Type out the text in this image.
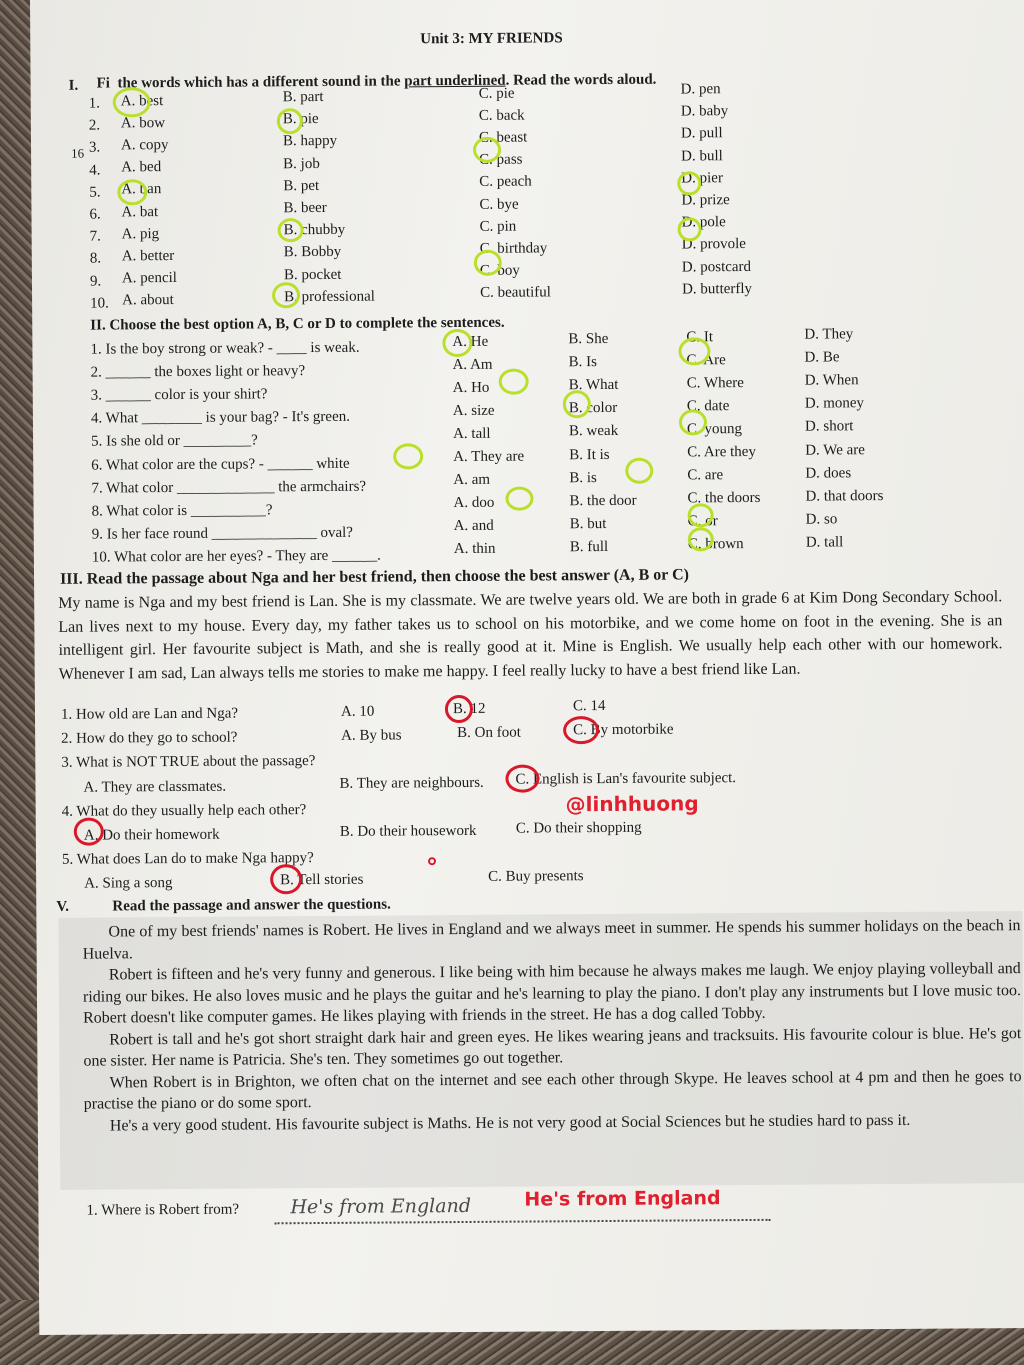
Unit 3: MY FRIENDS
I. Fi the words which has a different sound in the part underlined. Read the words aloud.
16
1. A. best	B. part	C. pie	D. pen
2. A. bow	B. pie	C. back	D. baby
3. A. copy	B. happy	C. beast	D. pull
4. A. bed	B. job	C. pass	D. bull
5. A. ban	B. pet	C. peach	D. pier
6. A. bat	B. beer	C. bye	D. prize
7. A. pig	B. chubby	C. pin	D. pole
8. A. better	B. Bobby	C. birthday	D. provole
9. A. pencil	B. pocket	C. boy	D. postcard
10. A. about	B. professional	C. beautiful	D. butterfly
II. Choose the best option A, B, C or D to complete the sentences.
1. Is the boy strong or weak? - ____ is weak.	A. He	B. She	C. It	D. They
2. ______ the boxes light or heavy?	A. Am	B. Is	C. Are	D. Be
3. ______ color is your shirt?	A. Ho	B. What	C. Where	D. When
4. What ________ is your bag? - It's green.	A. size	B. color	C. date	D. money
5. Is she old or _________?	A. tall	B. weak	C. young	D. short
6. What color are the cups? - ______ white	A. They are	B. It is	C. Are they	D. We are
7. What color _____________ the armchairs?	A. am	B. is	C. are	D. does
8. What color is __________?	A. doo	B. the door	C. the doors	D. that doors
9. Is her face round ______________ oval?	A. and	B. but	C. or	D. so
10. What color are her eyes? - They are ______.	A. thin	B. full	C. brown	D. tall
III. Read the passage about Nga and her best friend, then choose the best answer (A, B or C)

My name is Nga and my best friend is Lan. She is my classmate. We are twelve years old. We are both in grade 6 at Kim Dong Secondary School. Lan lives next to my house. Every day, my father takes us to school on his motorbike, and we come home on foot in the evening. She is an intelligent girl. Her favourite subject is Math, and she is really good at it. Mine is English. We usually help each other with our homework. Whenever I am sad, Lan always tells me stories to make me happy. I feel really lucky to have a best friend like Lan.

1. How old are Lan and Nga?	A. 10	B. 12	C. 14
2. How do they go to school?	A. By bus	B. On foot	C. By motorbike
3. What is NOT TRUE about the passage?
A. They are classmates.	B. They are neighbours. C. English is Lan's favourite subject.
4. What do they usually help each other?
A. Do their homework	B. Do their housework	C. Do their shopping
5. What does Lan do to make Nga happy?
A. Sing a song	B. Tell stories	C. Buy presents
@linhhuong
V.	Read the passage and answer the questions.

One of my best friends' names is Robert. He lives in England and we always meet in summer. He spends his summer holidays on the beach in Huelva.

Robert is fifteen and he's very funny and generous. I like being with him because he always makes me laugh. We enjoy playing volleyball and riding our bikes. He also loves music and he plays the guitar and he's learning to play the piano. I don't play any instruments but I love music too. Robert doesn't like computer games. He likes playing with friends in the street. He has a dog called Tobby.

Robert is tall and he's got short straight dark hair and green eyes. He likes wearing jeans and tracksuits. His favourite colour is blue. He's got one sister. Her name is Patricia. She's ten. They sometimes go out together.

When Robert is in Brighton, we often chat on the internet and see each other through Skype. He leaves school at 4 pm and then he goes to practise the piano or do some sport.

He's a very good student. His favourite subject is Maths. He is not very good at Social Sciences but he studies hard to pass it.

1. Where is Robert from?	He's from England	He's from England
